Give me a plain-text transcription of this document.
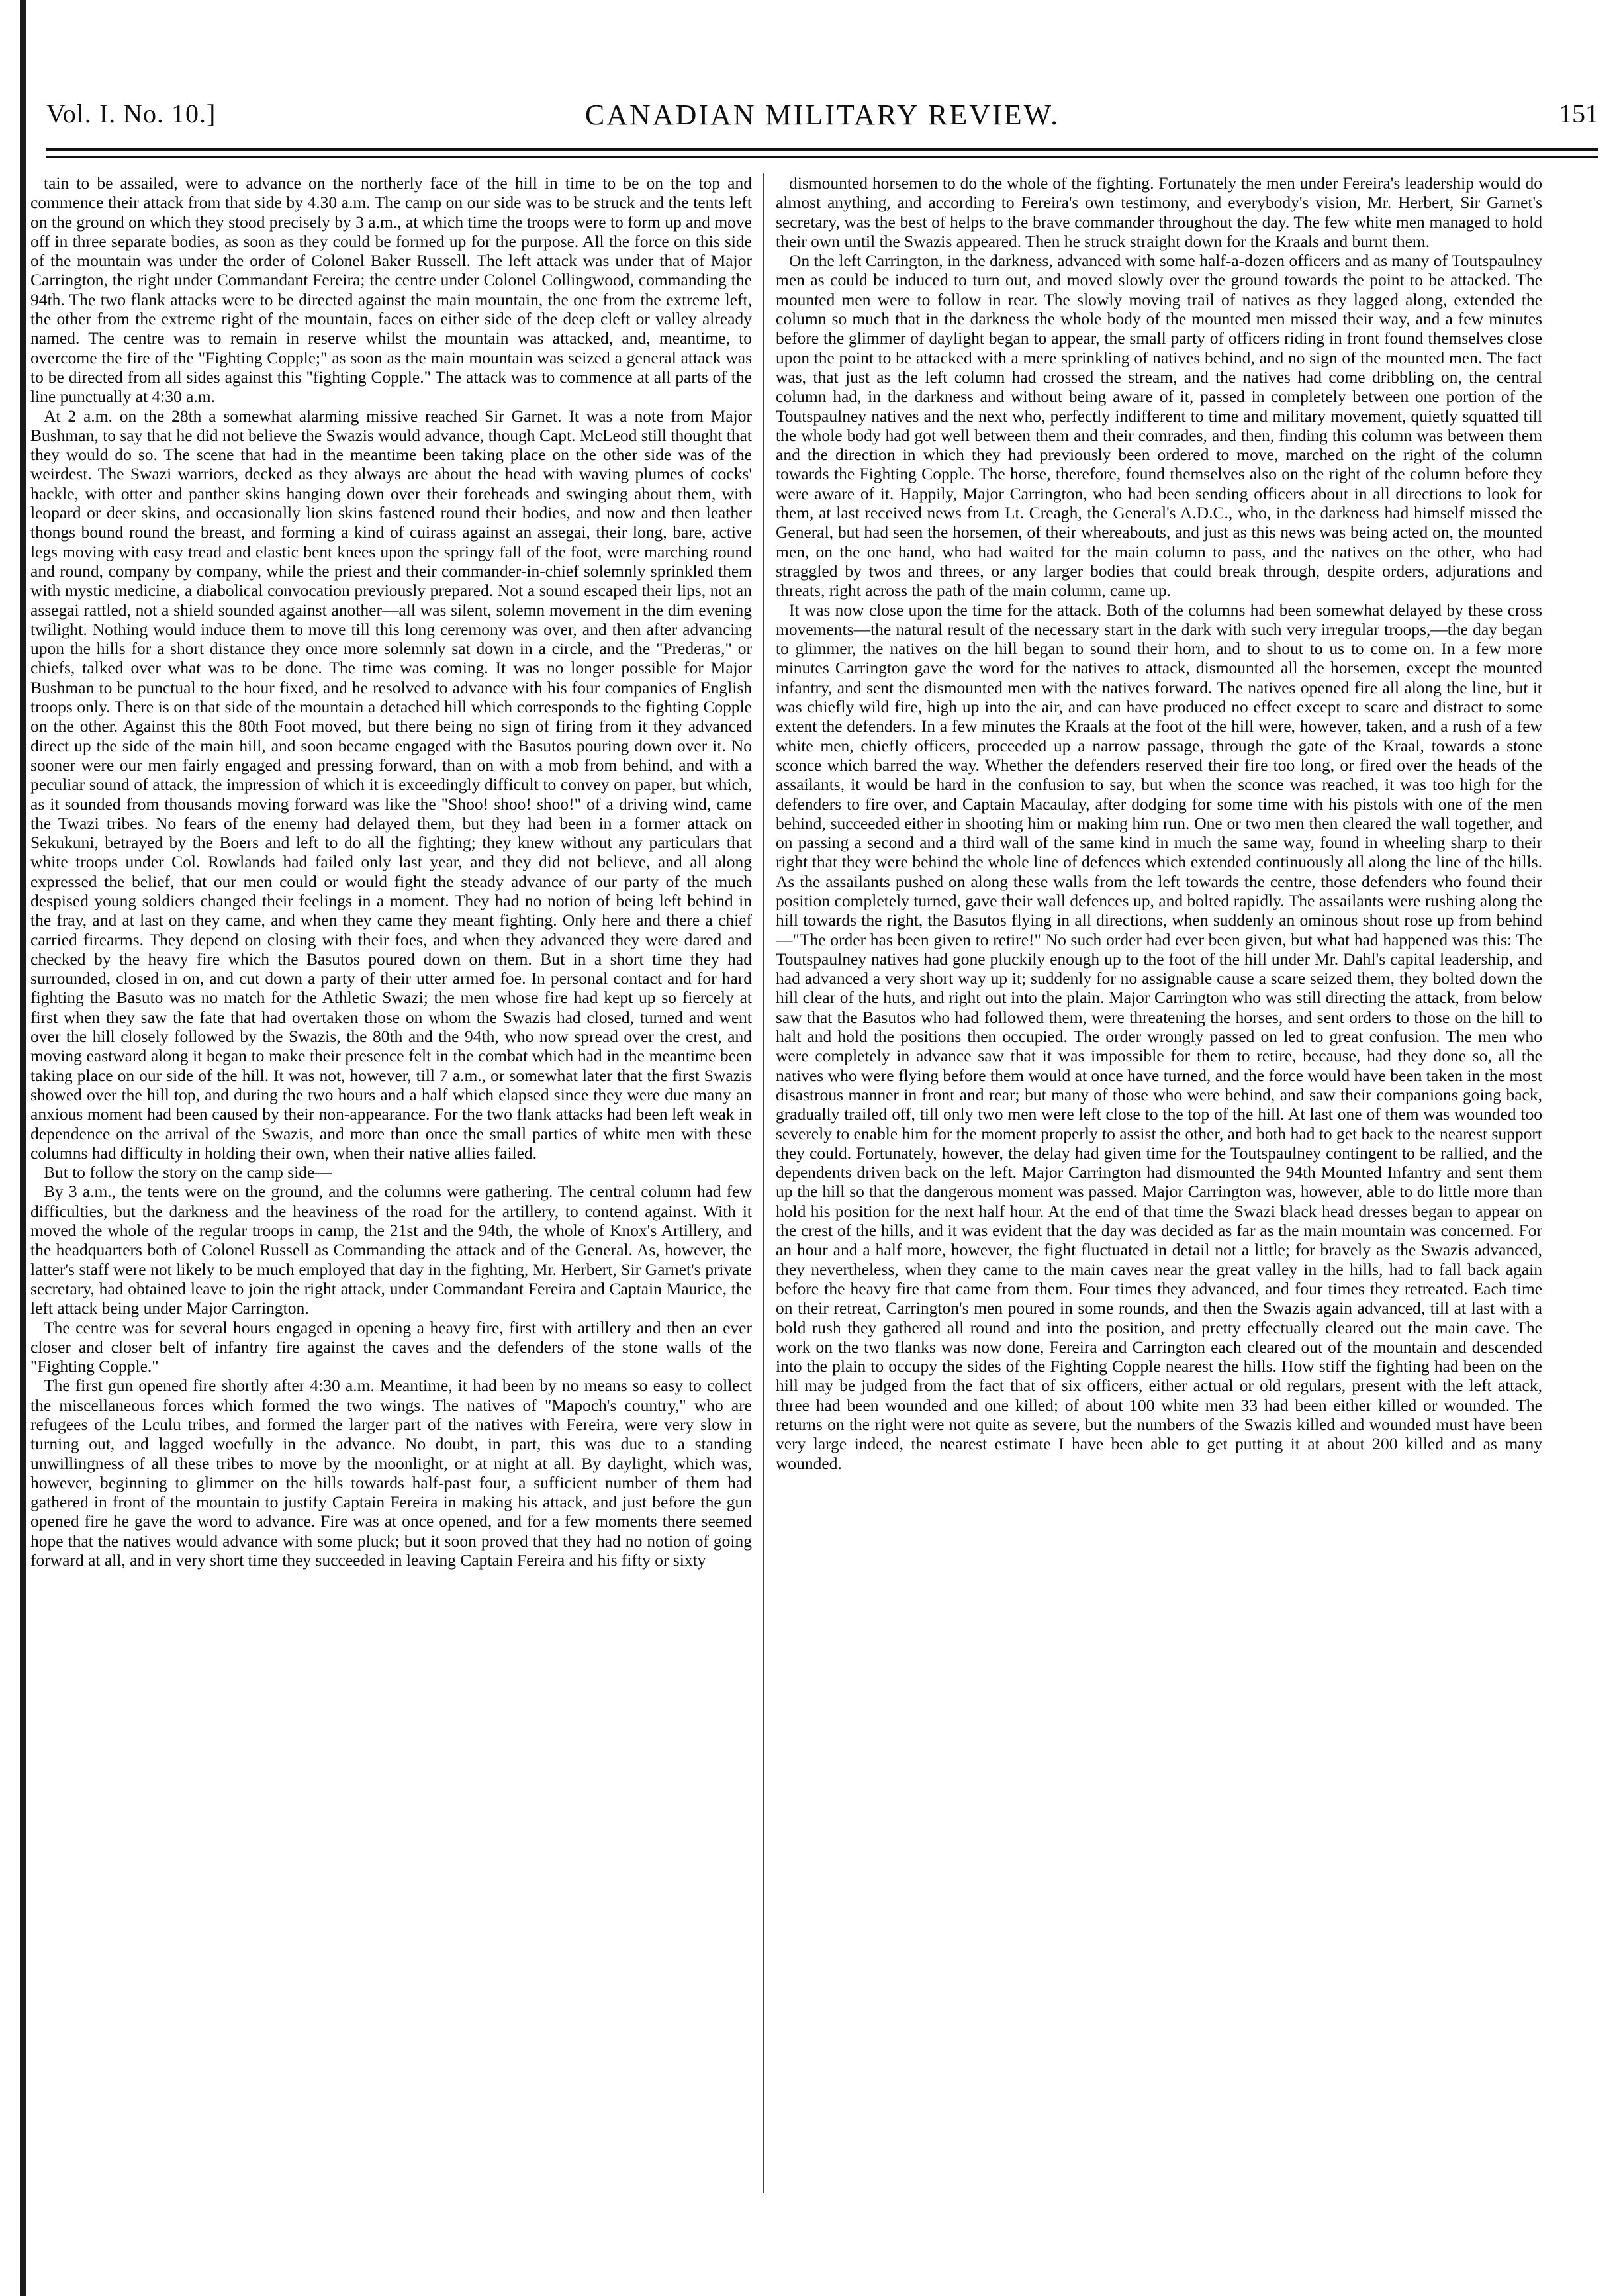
Vol. I. No. 10.]	CANADIAN MILITARY REVIEW.	151

tain to be assailed, were to advance on the northerly face of the hill in time to be on the top and commence their attack from that side by 4.30 a.m. The camp on our side was to be struck and the tents left on the ground on which they stood precisely by 3 a.m., at which time the troops were to form up and move off in three separate bodies, as soon as they could be formed up for the purpose. All the force on this side of the mountain was under the order of Colonel Baker Russell. The left attack was under that of Major Carrington, the right under Commandant Fereira; the centre under Colonel Collingwood, commanding the 94th. The two flank attacks were to be directed against the main mountain, the one from the extreme left, the other from the extreme right of the mountain, faces on either side of the deep cleft or valley already named. The centre was to remain in reserve whilst the mountain was attacked, and, meantime, to overcome the fire of the "Fighting Copple;" as soon as the main mountain was seized a general attack was to be directed from all sides against this "fighting Copple." The attack was to commence at all parts of the line punctually at 4:30 a.m.

At 2 a.m. on the 28th a somewhat alarming missive reached Sir Garnet. It was a note from Major Bushman, to say that he did not believe the Swazis would advance, though Capt. McLeod still thought that they would do so. The scene that had in the meantime been taking place on the other side was of the weirdest. The Swazi warriors, decked as they always are about the head with waving plumes of cocks' hackle, with otter and panther skins hanging down over their foreheads and swinging about them, with leopard or deer skins, and occasionally lion skins fastened round their bodies, and now and then leather thongs bound round the breast, and forming a kind of cuirass against an assegai, their long, bare, active legs moving with easy tread and elastic bent knees upon the springy fall of the foot, were marching round and round, company by company, while the priest and their commander-in-chief solemnly sprinkled them with mystic medicine, a diabolical convocation previously prepared. Not a sound escaped their lips, not an assegai rattled, not a shield sounded against another—all was silent, solemn movement in the dim evening twilight. Nothing would induce them to move till this long ceremony was over, and then after advancing upon the hills for a short distance they once more solemnly sat down in a circle, and the "Prederas," or chiefs, talked over what was to be done. The time was coming. It was no longer possible for Major Bushman to be punctual to the hour fixed, and he resolved to advance with his four companies of English troops only. There is on that side of the mountain a detached hill which corresponds to the fighting Copple on the other. Against this the 80th Foot moved, but there being no sign of firing from it they advanced direct up the side of the main hill, and soon became engaged with the Basutos pouring down over it. No sooner were our men fairly engaged and pressing forward, than on with a mob from behind, and with a peculiar sound of attack, the impression of which it is exceedingly difficult to convey on paper, but which, as it sounded from thousands moving forward was like the "Shoo! shoo! shoo!" of a driving wind, came the Twazi tribes. No fears of the enemy had delayed them, but they had been in a former attack on Sekukuni, betrayed by the Boers and left to do all the fighting; they knew without any particulars that white troops under Col. Rowlands had failed only last year, and they did not believe, and all along expressed the belief, that our men could or would fight the steady advance of our party of the much despised young soldiers changed their feelings in a moment. They had no notion of being left behind in the fray, and at last on they came, and when they came they meant fighting. Only here and there a chief carried firearms. They depend on closing with their foes, and when they advanced they were dared and checked by the heavy fire which the Basutos poured down on them. But in a short time they had surrounded, closed in on, and cut down a party of their utter armed foe. In personal contact and for hard fighting the Basuto was no match for the Athletic Swazi; the men whose fire had kept up so fiercely at first when they saw the fate that had overtaken those on whom the Swazis had closed, turned and went over the hill closely followed by the Swazis, the 80th and the 94th, who now spread over the crest, and moving eastward along it began to make their presence felt in the combat which had in the meantime been taking place on our side of the hill. It was not, however, till 7 a.m., or somewhat later that the first Swazis showed over the hill top, and during the two hours and a half which elapsed since they were due many an anxious moment had been caused by their non-appearance. For the two flank attacks had been left weak in dependence on the arrival of the Swazis, and more than once the small parties of white men with these columns had difficulty in holding their own, when their native allies failed.

But to follow the story on the camp side—

By 3 a.m., the tents were on the ground, and the columns were gathering. The central column had few difficulties, but the darkness and the heaviness of the road for the artillery, to contend against. With it moved the whole of the regular troops in camp, the 21st and the 94th, the whole of Knox's Artillery, and the headquarters both of Colonel Russell as Commanding the attack and of the General. As, however, the latter's staff were not likely to be much employed that day in the fighting, Mr. Herbert, Sir Garnet's private secretary, had obtained leave to join the right attack, under Commandant Fereira and Captain Maurice, the left attack being under Major Carrington.

The centre was for several hours engaged in opening a heavy fire, first with artillery and then an ever closer and closer belt of infantry fire against the caves and the defenders of the stone walls of the "Fighting Copple."

The first gun opened fire shortly after 4:30 a.m. Meantime, it had been by no means so easy to collect the miscellaneous forces which formed the two wings. The natives of "Mapoch's country," who are refugees of the Lculu tribes, and formed the larger part of the natives with Fereira, were very slow in turning out, and lagged woefully in the advance. No doubt, in part, this was due to a standing unwillingness of all these tribes to move by the moonlight, or at night at all. By daylight, which was, however, beginning to glimmer on the hills towards half-past four, a sufficient number of them had gathered in front of the mountain to justify Captain Fereira in making his attack, and just before the gun opened fire he gave the word to advance. Fire was at once opened, and for a few moments there seemed hope that the natives would advance with some pluck; but it soon proved that they had no notion of going forward at all, and in very short time they succeeded in leaving Captain Fereira and his fifty or sixty

dismounted horsemen to do the whole of the fighting. Fortunately the men under Fereira's leadership would do almost anything, and according to Fereira's own testimony, and everybody's vision, Mr. Herbert, Sir Garnet's secretary, was the best of helps to the brave commander throughout the day. The few white men managed to hold their own until the Swazis appeared. Then he struck straight down for the Kraals and burnt them.

On the left Carrington, in the darkness, advanced with some half-a-dozen officers and as many of Toutspaulney men as could be induced to turn out, and moved slowly over the ground towards the point to be attacked. The mounted men were to follow in rear. The slowly moving trail of natives as they lagged along, extended the column so much that in the darkness the whole body of the mounted men missed their way, and a few minutes before the glimmer of daylight began to appear, the small party of officers riding in front found themselves close upon the point to be attacked with a mere sprinkling of natives behind, and no sign of the mounted men. The fact was, that just as the left column had crossed the stream, and the natives had come dribbling on, the central column had, in the darkness and without being aware of it, passed in completely between one portion of the Toutspaulney natives and the next who, perfectly indifferent to time and military movement, quietly squatted till the whole body had got well between them and their comrades, and then, finding this column was between them and the direction in which they had previously been ordered to move, marched on the right of the column towards the Fighting Copple. The horse, therefore, found themselves also on the right of the column before they were aware of it. Happily, Major Carrington, who had been sending officers about in all directions to look for them, at last received news from Lt. Creagh, the General's A.D.C., who, in the darkness had himself missed the General, but had seen the horsemen, of their whereabouts, and just as this news was being acted on, the mounted men, on the one hand, who had waited for the main column to pass, and the natives on the other, who had straggled by twos and threes, or any larger bodies that could break through, despite orders, adjurations and threats, right across the path of the main column, came up.

It was now close upon the time for the attack. Both of the columns had been somewhat delayed by these cross movements—the natural result of the necessary start in the dark with such very irregular troops,—the day began to glimmer, the natives on the hill began to sound their horn, and to shout to us to come on. In a few more minutes Carrington gave the word for the natives to attack, dismounted all the horsemen, except the mounted infantry, and sent the dismounted men with the natives forward. The natives opened fire all along the line, but it was chiefly wild fire, high up into the air, and can have produced no effect except to scare and distract to some extent the defenders. In a few minutes the Kraals at the foot of the hill were, however, taken, and a rush of a few white men, chiefly officers, proceeded up a narrow passage, through the gate of the Kraal, towards a stone sconce which barred the way. Whether the defenders reserved their fire too long, or fired over the heads of the assailants, it would be hard in the confusion to say, but when the sconce was reached, it was too high for the defenders to fire over, and Captain Macaulay, after dodging for some time with his pistols with one of the men behind, succeeded either in shooting him or making him run. One or two men then cleared the wall together, and on passing a second and a third wall of the same kind in much the same way, found in wheeling sharp to their right that they were behind the whole line of defences which extended continuously all along the line of the hills. As the assailants pushed on along these walls from the left towards the centre, those defenders who found their position completely turned, gave their wall defences up, and bolted rapidly. The assailants were rushing along the hill towards the right, the Basutos flying in all directions, when suddenly an ominous shout rose up from behind—"The order has been given to retire!" No such order had ever been given, but what had happened was this: The Toutspaulney natives had gone pluckily enough up to the foot of the hill under Mr. Dahl's capital leadership, and had advanced a very short way up it; suddenly for no assignable cause a scare seized them, they bolted down the hill clear of the huts, and right out into the plain. Major Carrington who was still directing the attack, from below saw that the Basutos who had followed them, were threatening the horses, and sent orders to those on the hill to halt and hold the positions then occupied. The order wrongly passed on led to great confusion. The men who were completely in advance saw that it was impossible for them to retire, because, had they done so, all the natives who were flying before them would at once have turned, and the force would have been taken in the most disastrous manner in front and rear; but many of those who were behind, and saw their companions going back, gradually trailed off, till only two men were left close to the top of the hill. At last one of them was wounded too severely to enable him for the moment properly to assist the other, and both had to get back to the nearest support they could. Fortunately, however, the delay had given time for the Toutspaulney contingent to be rallied, and the dependents driven back on the left. Major Carrington had dismounted the 94th Mounted Infantry and sent them up the hill so that the dangerous moment was passed. Major Carrington was, however, able to do little more than hold his position for the next half hour. At the end of that time the Swazi black head dresses began to appear on the crest of the hills, and it was evident that the day was decided as far as the main mountain was concerned. For an hour and a half more, however, the fight fluctuated in detail not a little; for bravely as the Swazis advanced, they nevertheless, when they came to the main caves near the great valley in the hills, had to fall back again before the heavy fire that came from them. Four times they advanced, and four times they retreated. Each time on their retreat, Carrington's men poured in some rounds, and then the Swazis again advanced, till at last with a bold rush they gathered all round and into the position, and pretty effectually cleared out the main cave. The work on the two flanks was now done, Fereira and Carrington each cleared out of the mountain and descended into the plain to occupy the sides of the Fighting Copple nearest the hills. How stiff the fighting had been on the hill may be judged from the fact that of six officers, either actual or old regulars, present with the left attack, three had been wounded and one killed; of about 100 white men 33 had been either killed or wounded. The returns on the right were not quite as severe, but the numbers of the Swazis killed and wounded must have been very large indeed, the nearest estimate I have been able to get putting it at about 200 killed and as many wounded.
